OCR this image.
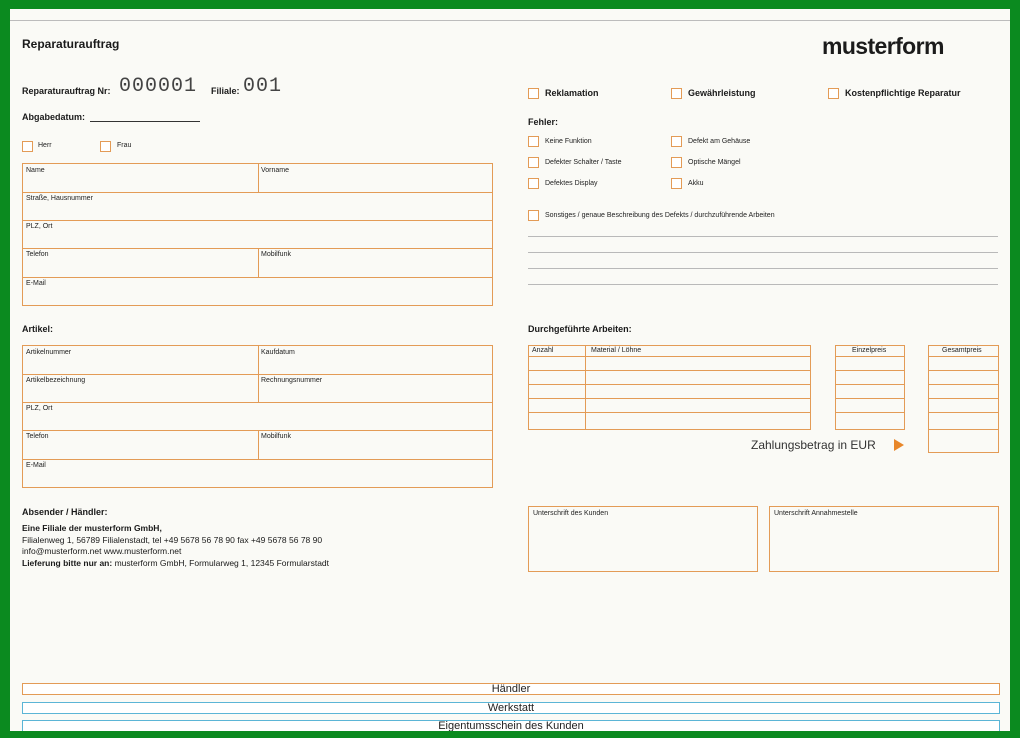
Reparaturauftrag	musterform
Reparaturauftrag Nr: 000001 Filiale: 001
Abgabedatum:
Herr	Frau
Name	Vorname
Straße, Hausnummer
PLZ, Ort
Telefon	Mobilfunk
E-Mail
Artikel:
Artikelnummer	Kaufdatum
Artikelbezeichnung	Rechnungsnummer
PLZ, Ort
Telefon	Mobilfunk
E-Mail
Absender / Händler:
Eine Filiale der musterform GmbH,
Filialenweg 1, 56789 Filialenstadt, tel +49 5678 56 78 90 fax +49 5678 56 78 90
info@musterform.net www.musterform.net
Lieferung bitte nur an: musterform GmbH, Formularweg 1, 12345 Formularstadt
Reklamation	Gewährleistung	Kostenpflichtige Reparatur
Fehler:
Keine Funktion	Defekt am Gehäuse
Defekter Schalter / Taste	Optische Mängel
Defektes Display	Akku
Sonstiges / genaue Beschreibung des Defekts / durchzuführende Arbeiten
Durchgeführte Arbeiten:
Anzahl	Material / Löhne	Einzelpreis	Gesamtpreis
Zahlungsbetrag in EUR
Unterschrift des Kunden	Unterschrift Annahmestelle
Händler
Werkstatt
Eigentumsschein des Kunden
